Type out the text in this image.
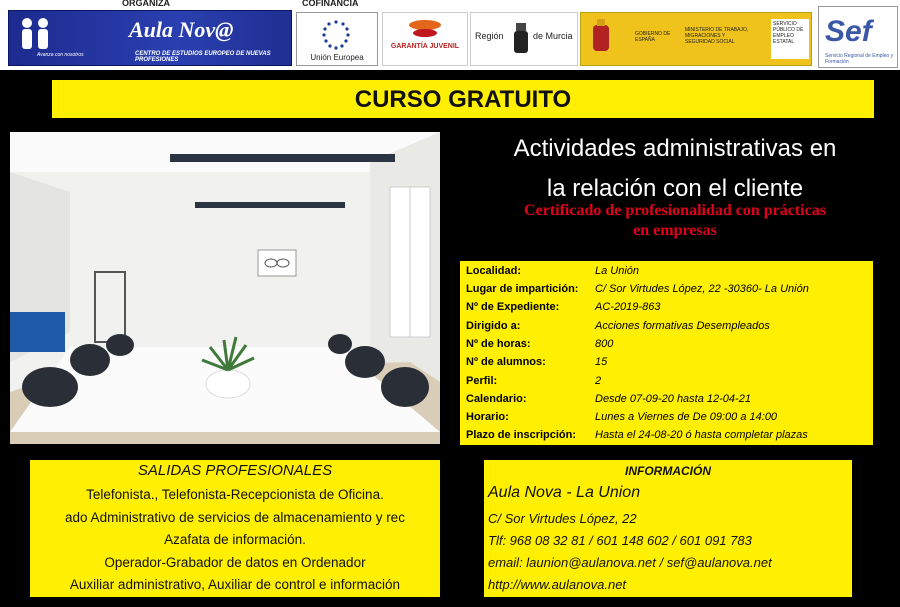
ORGANIZA	COFINANCIA
Aula Nov@
Avanza con nosotros	CENTRO DE ESTUDIOS EUROPEO DE NUEVAS PROFESIONES	Unión Europea
GARANTÍA JUVENIL
Región	de Murcia	GOBIERNO DE ESPAÑA
MINISTERIO DE TRABAJO, MIGRACIONES Y SEGURIDAD SOCIAL
SERVICIO PÚBLICO DE EMPLEO ESTATAL	Sef
Servicio Regional de Empleo y Formación
CURSO GRATUITO
Actividades administrativas en
la relación con el cliente
Certificado de profesionalidad con prácticas
en empresas
Localidad:	La Unión
Lugar de impartición: C/ Sor Virtudes López, 22 -30360- La Unión
Nº de Expediente:	AC-2019-863
Dirigido a:	Acciones formativas Desempleados
Nº de horas:	800
Nº de alumnos:	15
Perfil:	2
Calendario:	Desde 07-09-20 hasta 12-04-21
Horario:	Lunes a Viernes de De 09:00 a 14:00
Plazo de inscripción: Hasta el 24-08-20 ó hasta completar plazas
SALIDAS PROFESIONALES
Telefonista., Telefonista-Recepcionista de Oficina.
ado Administrativo de servicios de almacenamiento y rec
Azafata de información.
Operador-Grabador de datos en Ordenador
Auxiliar administrativo, Auxiliar de control e información
INFORMACIÓN
Aula Nova - La Union
C/ Sor Virtudes López, 22
Tlf: 968 08 32 81 / 601 148 602 / 601 091 783
email: launion@aulanova.net / sef@aulanova.net
http://www.aulanova.net
